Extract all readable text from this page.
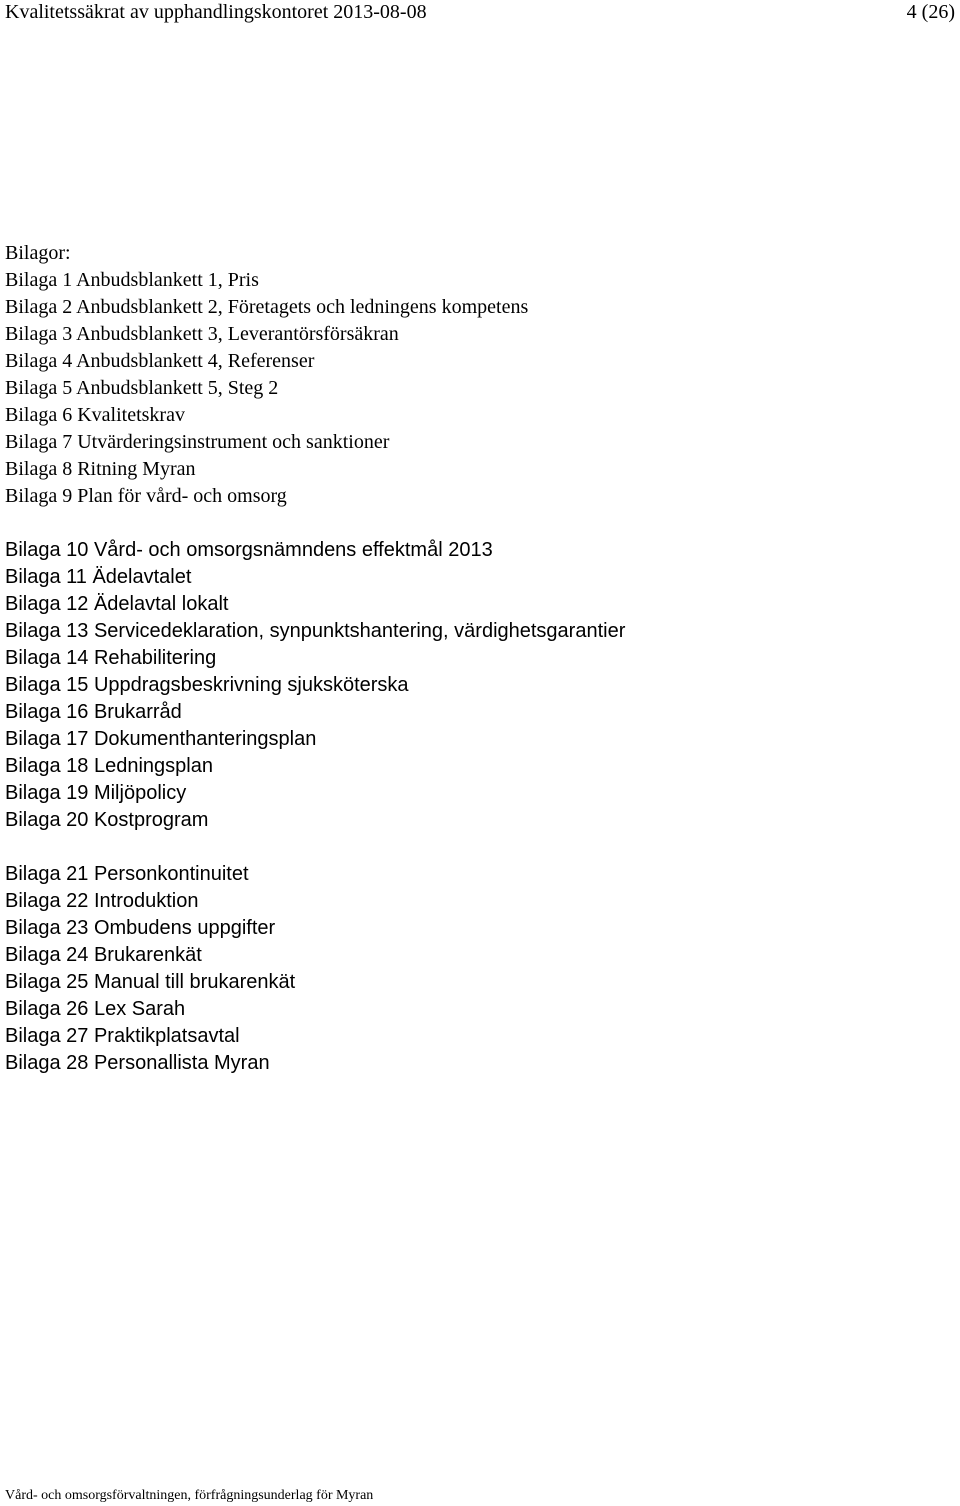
Kvalitetssäkrat av upphandlingskontoret 2013-08-08	4 (26)
Bilagor:
Bilaga 1 Anbudsblankett 1, Pris
Bilaga 2 Anbudsblankett 2, Företagets och ledningens kompetens
Bilaga 3 Anbudsblankett 3, Leverantörsförsäkran
Bilaga 4 Anbudsblankett 4, Referenser
Bilaga 5 Anbudsblankett 5, Steg 2
Bilaga 6 Kvalitetskrav
Bilaga 7 Utvärderingsinstrument och sanktioner
Bilaga 8 Ritning Myran
Bilaga 9 Plan för vård- och omsorg
Bilaga 10 Vård- och omsorgsnämndens effektmål 2013
Bilaga 11 Ädelavtalet
Bilaga 12 Ädelavtal lokalt
Bilaga 13 Servicedeklaration, synpunktshantering, värdighetsgarantier
Bilaga 14 Rehabilitering
Bilaga 15 Uppdragsbeskrivning sjuksköterska
Bilaga 16 Brukarråd
Bilaga 17 Dokumenthanteringsplan
Bilaga 18 Ledningsplan
Bilaga 19 Miljöpolicy
Bilaga 20 Kostprogram
Bilaga 21 Personkontinuitet
Bilaga 22 Introduktion
Bilaga 23 Ombudens uppgifter
Bilaga 24 Brukarenkät
Bilaga 25 Manual till brukarenkät
Bilaga 26 Lex Sarah
Bilaga 27 Praktikplatsavtal
Bilaga 28 Personallista Myran
Vård- och omsorgsförvaltningen, förfrågningsunderlag för Myran
